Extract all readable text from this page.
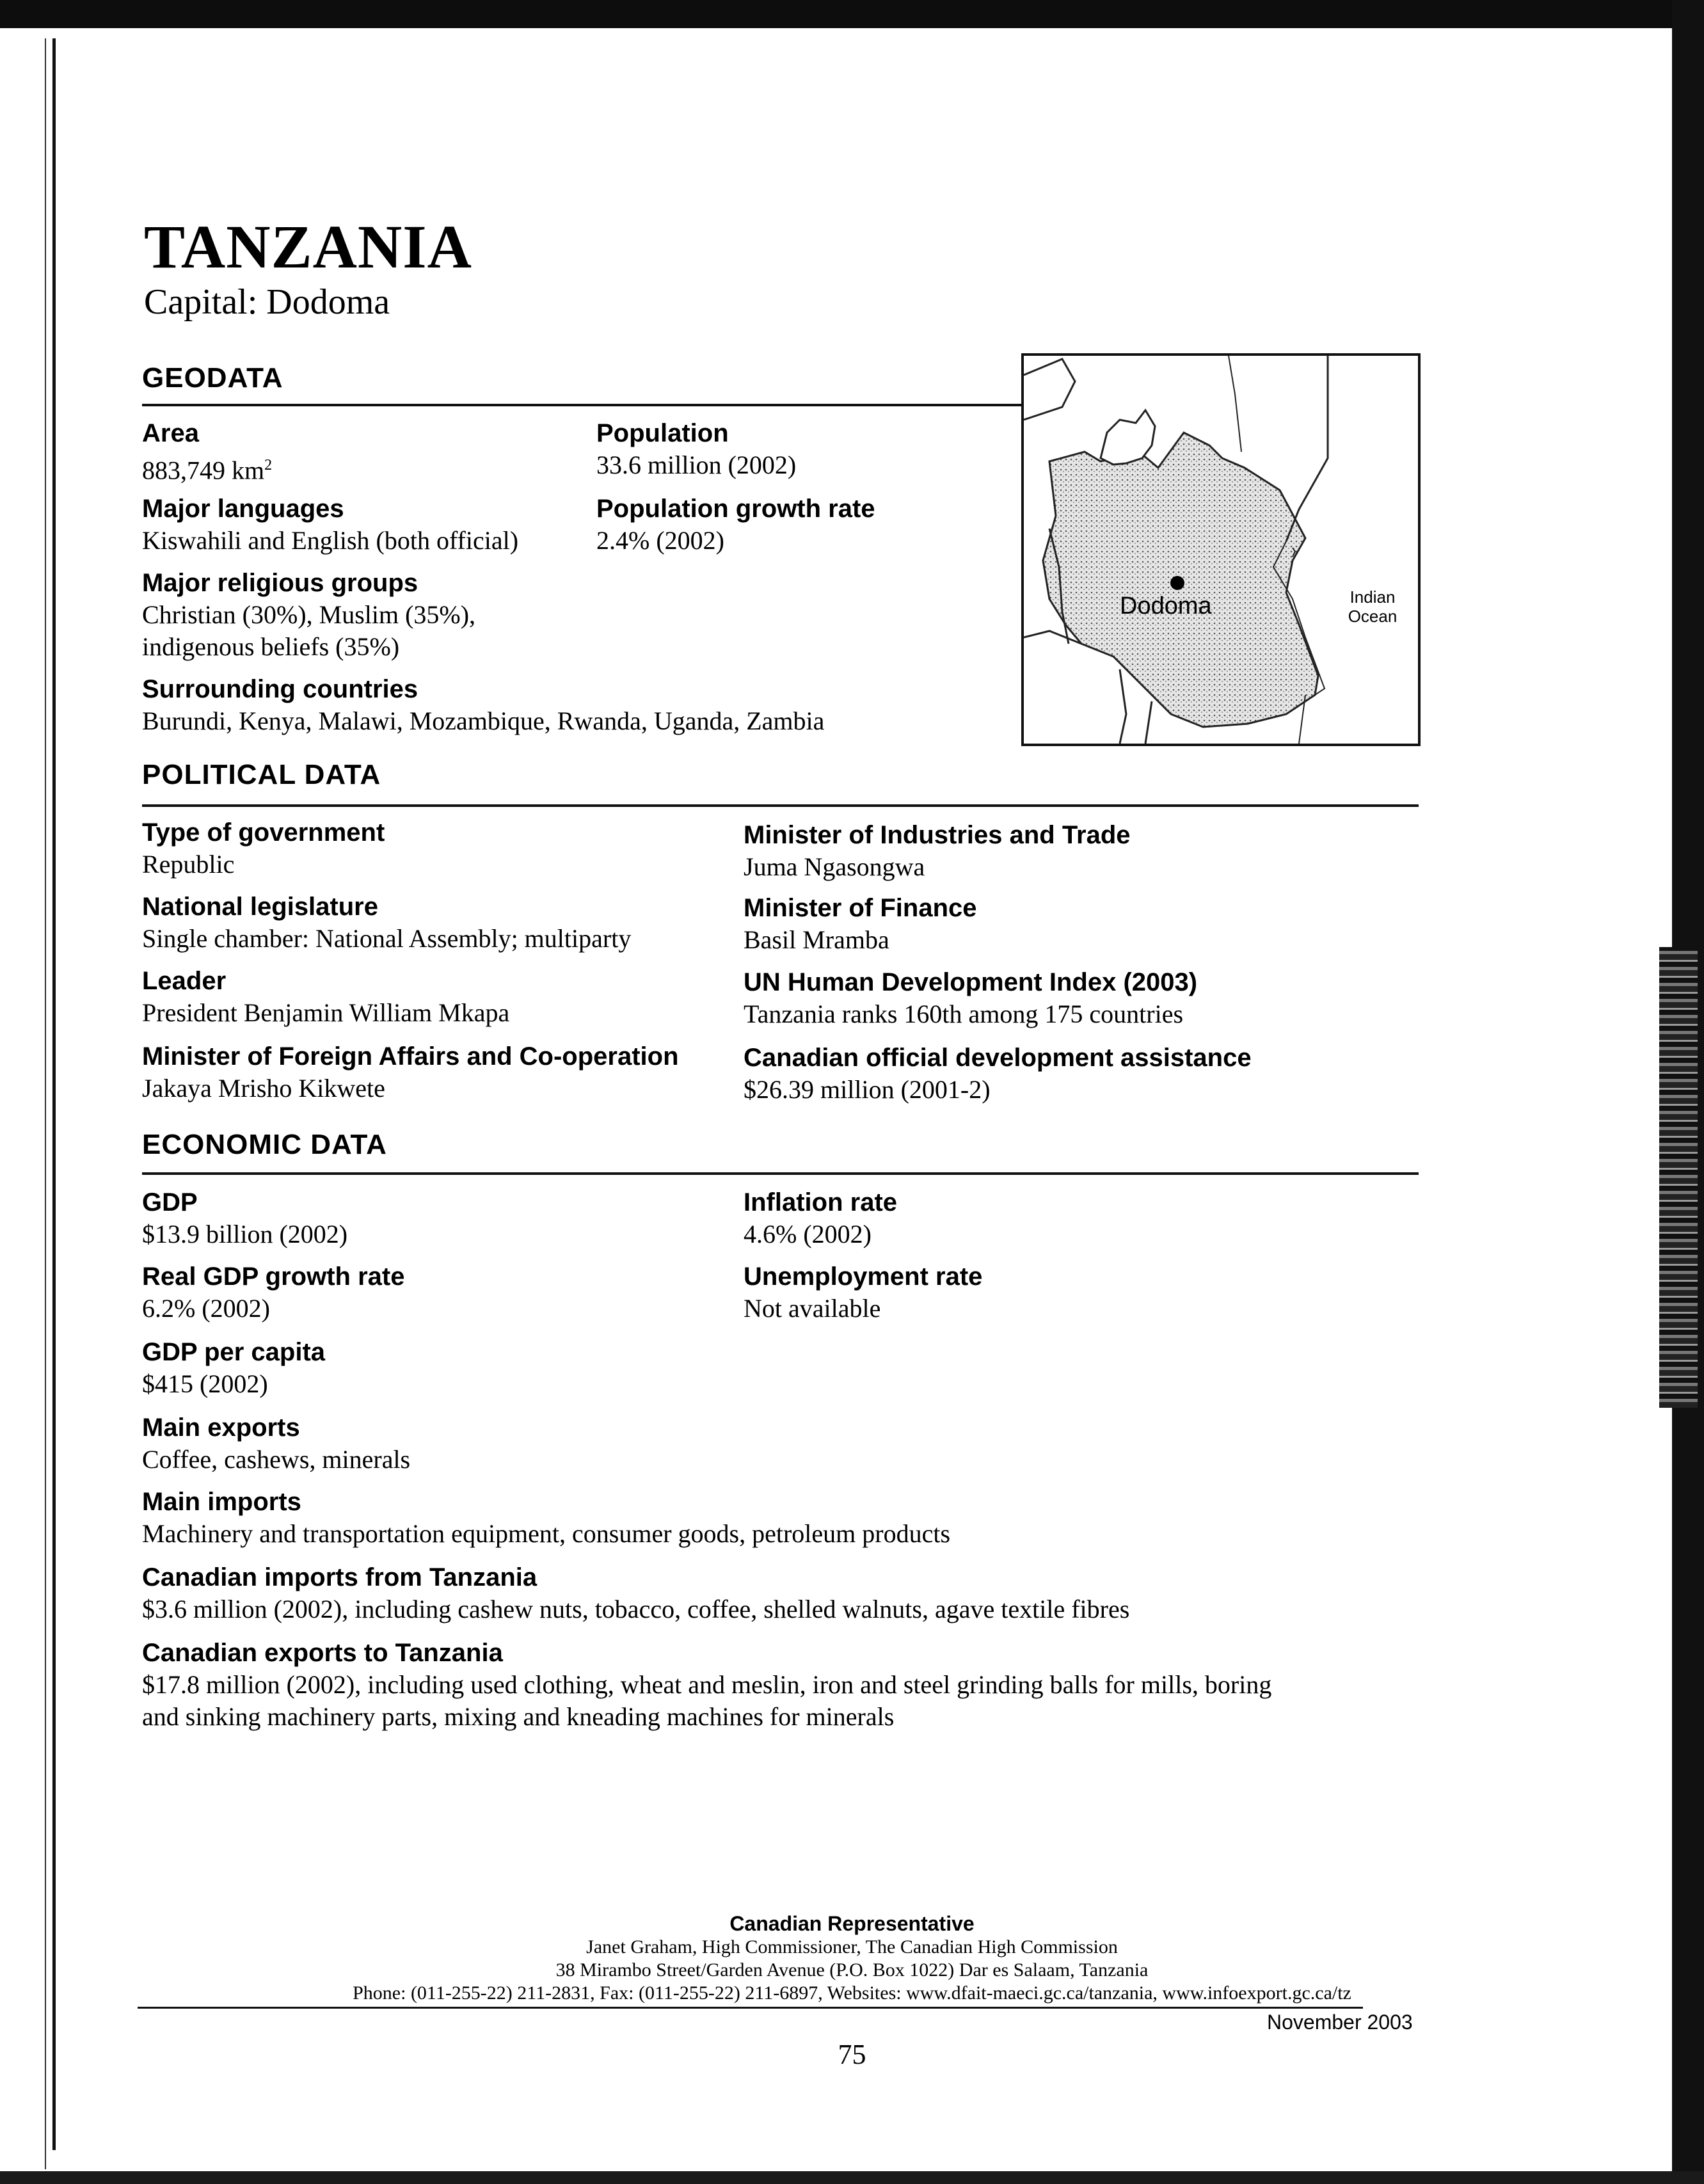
TANZANIA
Capital: Dodoma
GEODATA
Area
883,749 $km^2$
Population
33.6 million (2002)
Major languages
Kiswahili and English (both official)
Population growth rate
2.4% (2002)
Major religious groups
Christian (30%), Muslim (35%),
indigenous beliefs (35%)
Surrounding countries
Burundi, Kenya, Malawi, Mozambique, Rwanda, Uganda, Zambia
Dodoma	Indian
Ocean
POLITICAL DATA
Type of government
Republic
National legislature
Single chamber: National Assembly; multiparty
Leader
President Benjamin William Mkapa
Minister of Foreign Affairs and Co-operation
Jakaya Mrisho Kikwete
Minister of Industries and Trade
Juma Ngasongwa
Minister of Finance
Basil Mramba
UN Human Development Index (2003)
Tanzania ranks 160th among 175 countries
Canadian official development assistance
$26.39 million (2001-2)
ECONOMIC DATA
GDP
$13.9 billion (2002)
Real GDP growth rate
6.2% (2002)
GDP per capita
$415 (2002)
Main exports
Coffee, cashews, minerals
Main imports
Machinery and transportation equipment, consumer goods, petroleum products
Canadian imports from Tanzania
$3.6 million (2002), including cashew nuts, tobacco, coffee, shelled walnuts, agave textile fibres
Canadian exports to Tanzania
$17.8 million (2002), including used clothing, wheat and meslin, iron and steel grinding balls for mills, boring
and sinking machinery parts, mixing and kneading machines for minerals
Inflation rate
4.6% (2002)
Unemployment rate
Not available
Canadian Representative
Janet Graham, High Commissioner, The Canadian High Commission
38 Mirambo Street/Garden Avenue (P.O. Box 1022) Dar es Salaam, Tanzania
Phone: (011-255-22) 211-2831, Fax: (011-255-22) 211-6897, Websites: www.dfait-maeci.gc.ca/tanzania, www.infoexport.gc.ca/tz
November 2003
75
